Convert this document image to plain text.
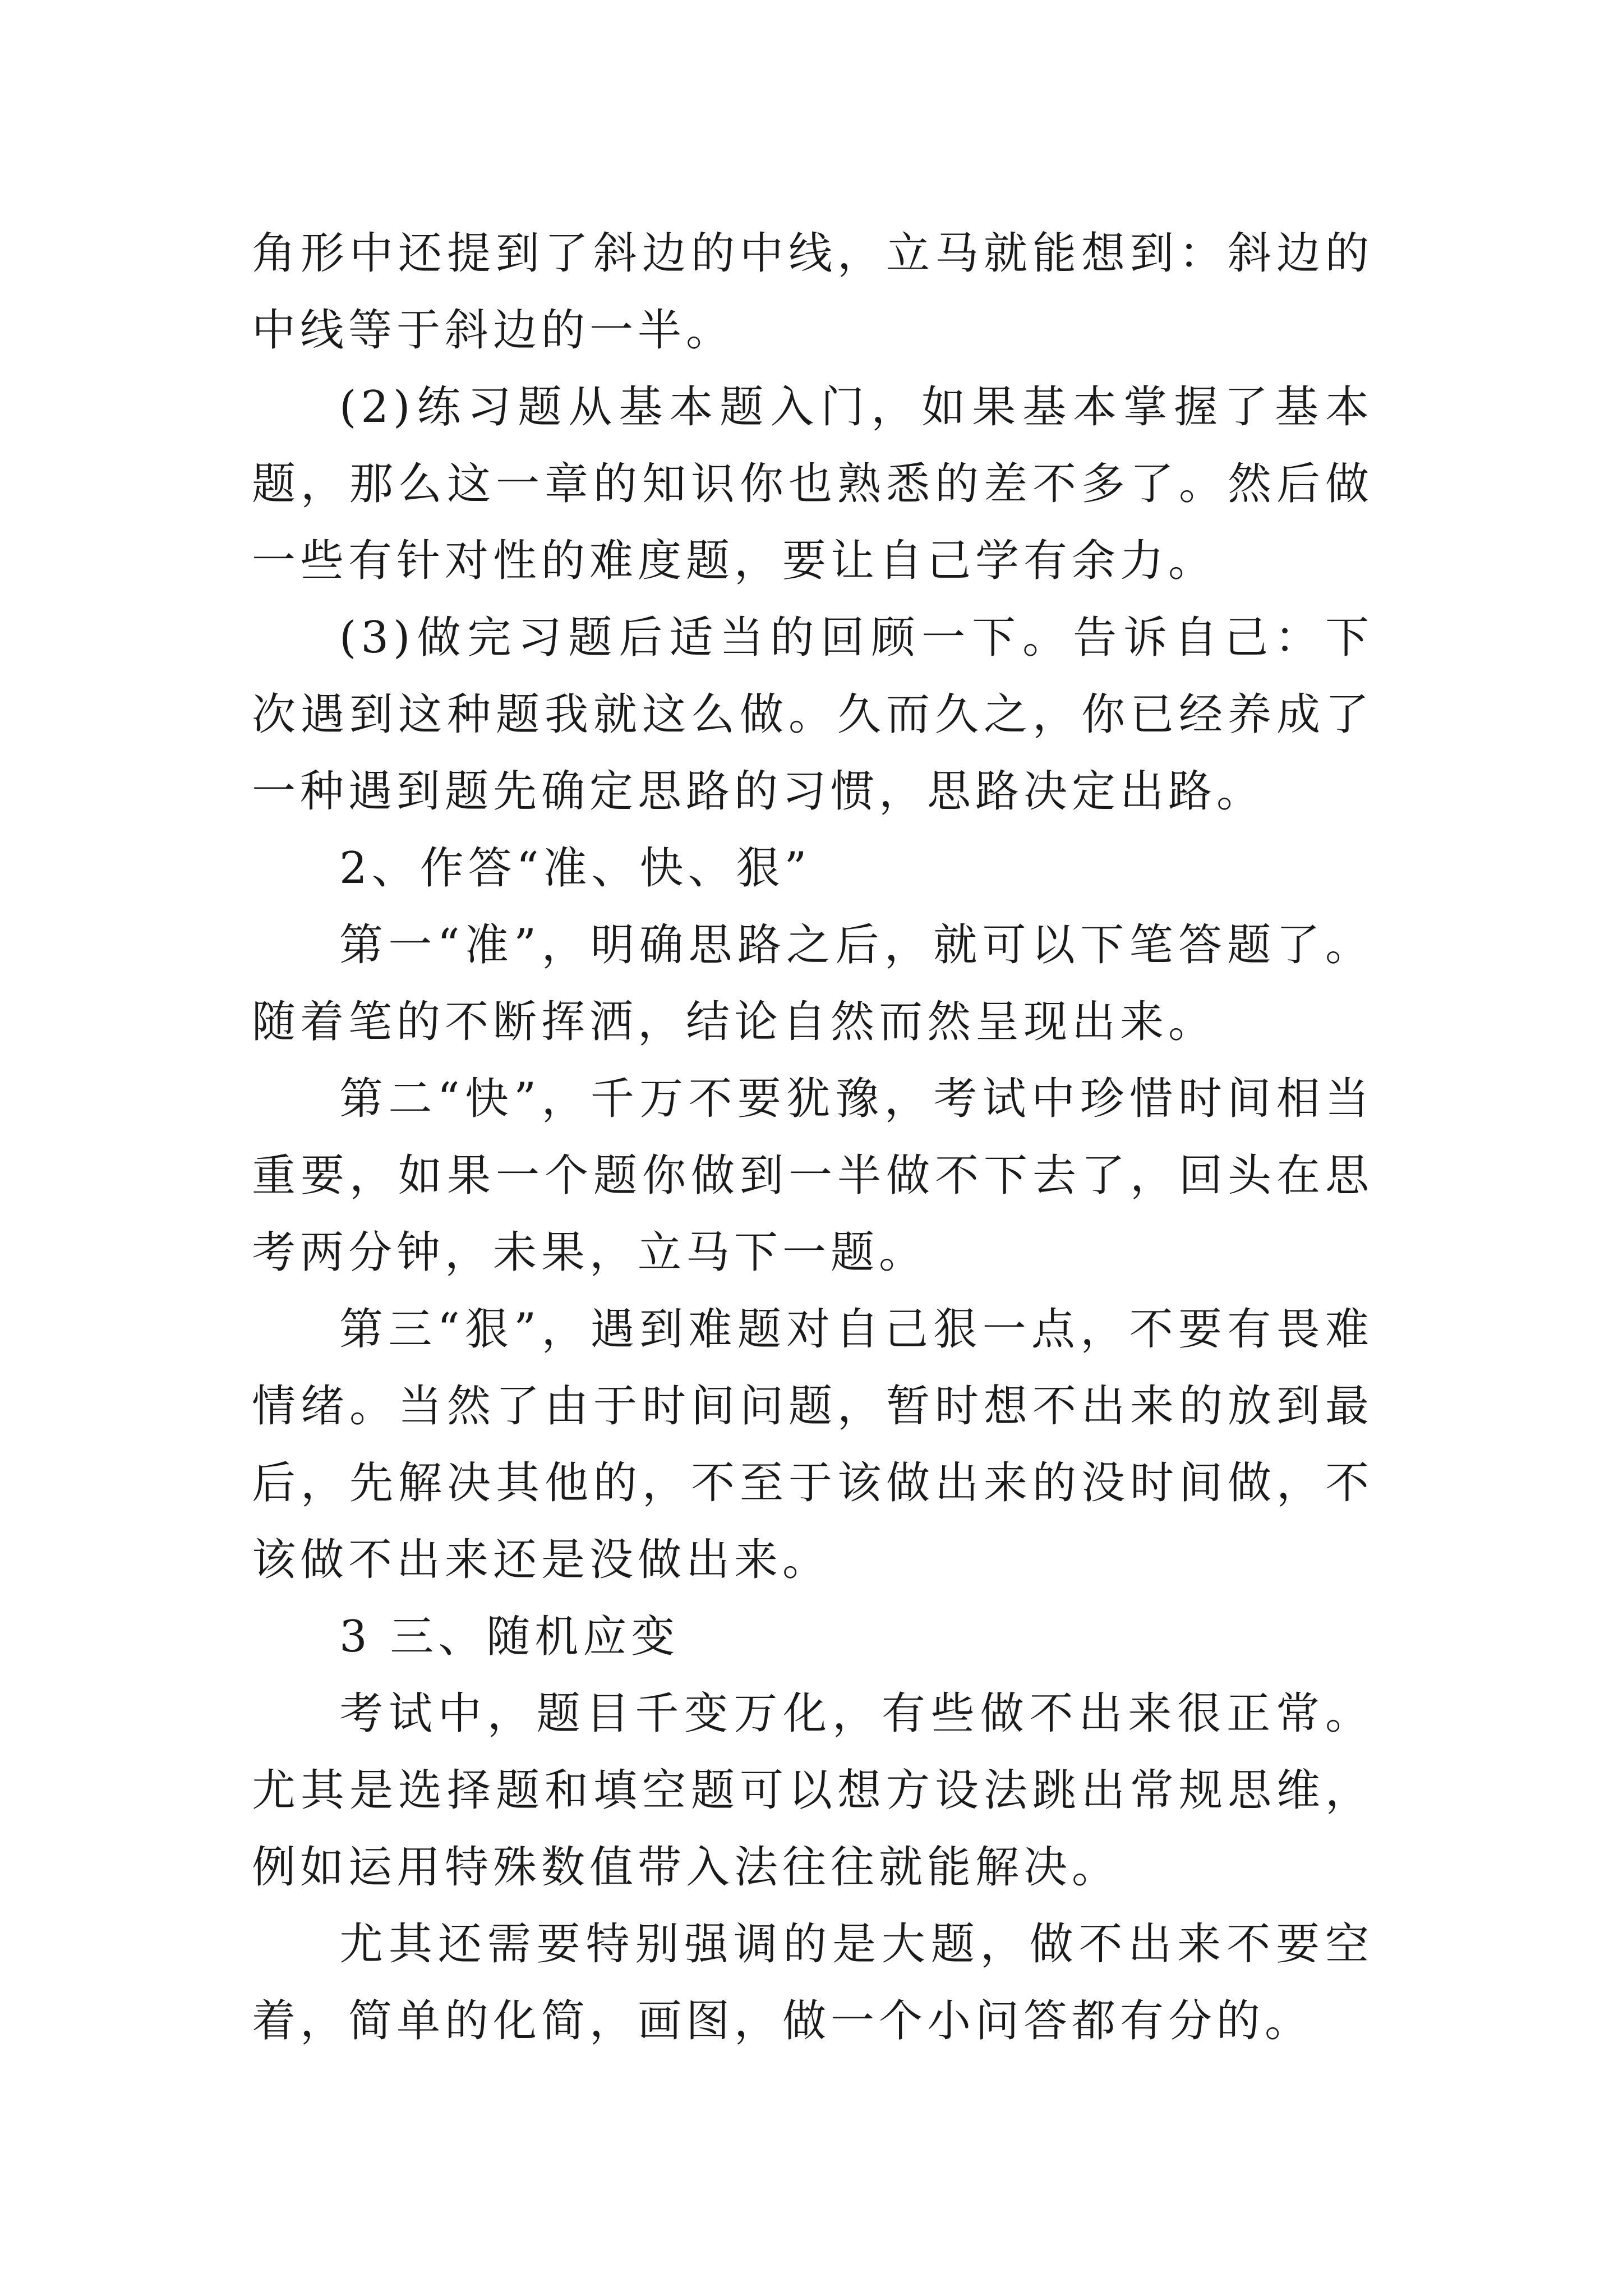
角形中还提到了斜边的中线，立马就能想到：斜边的中线等于斜边的一半。

(2)练习题从基本题入门，如果基本掌握了基本题，那么这一章的知识你也熟悉的差不多了。然后做一些有针对性的难度题，要让自己学有余力。

(3)做完习题后适当的回顾一下。告诉自己：下次遇到这种题我就这么做。久而久之，你已经养成了一种遇到题先确定思路的习惯，思路决定出路。

2、作答“准、快、狠”

第一“准”，明确思路之后，就可以下笔答题了。随着笔的不断挥洒，结论自然而然呈现出来。

第二“快”，千万不要犹豫，考试中珍惜时间相当重要，如果一个题你做到一半做不下去了，回头在思考两分钟，未果，立马下一题。

第三“狠”，遇到难题对自己狠一点，不要有畏难情绪。当然了由于时间问题，暂时想不出来的放到最后，先解决其他的，不至于该做出来的没时间做，不该做不出来还是没做出来。

3 三、随机应变

考试中，题目千变万化，有些做不出来很正常。尤其是选择题和填空题可以想方设法跳出常规思维，例如运用特殊数值带入法往往就能解决。

尤其还需要特别强调的是大题，做不出来不要空着，简单的化简，画图，做一个小问答都有分的。
